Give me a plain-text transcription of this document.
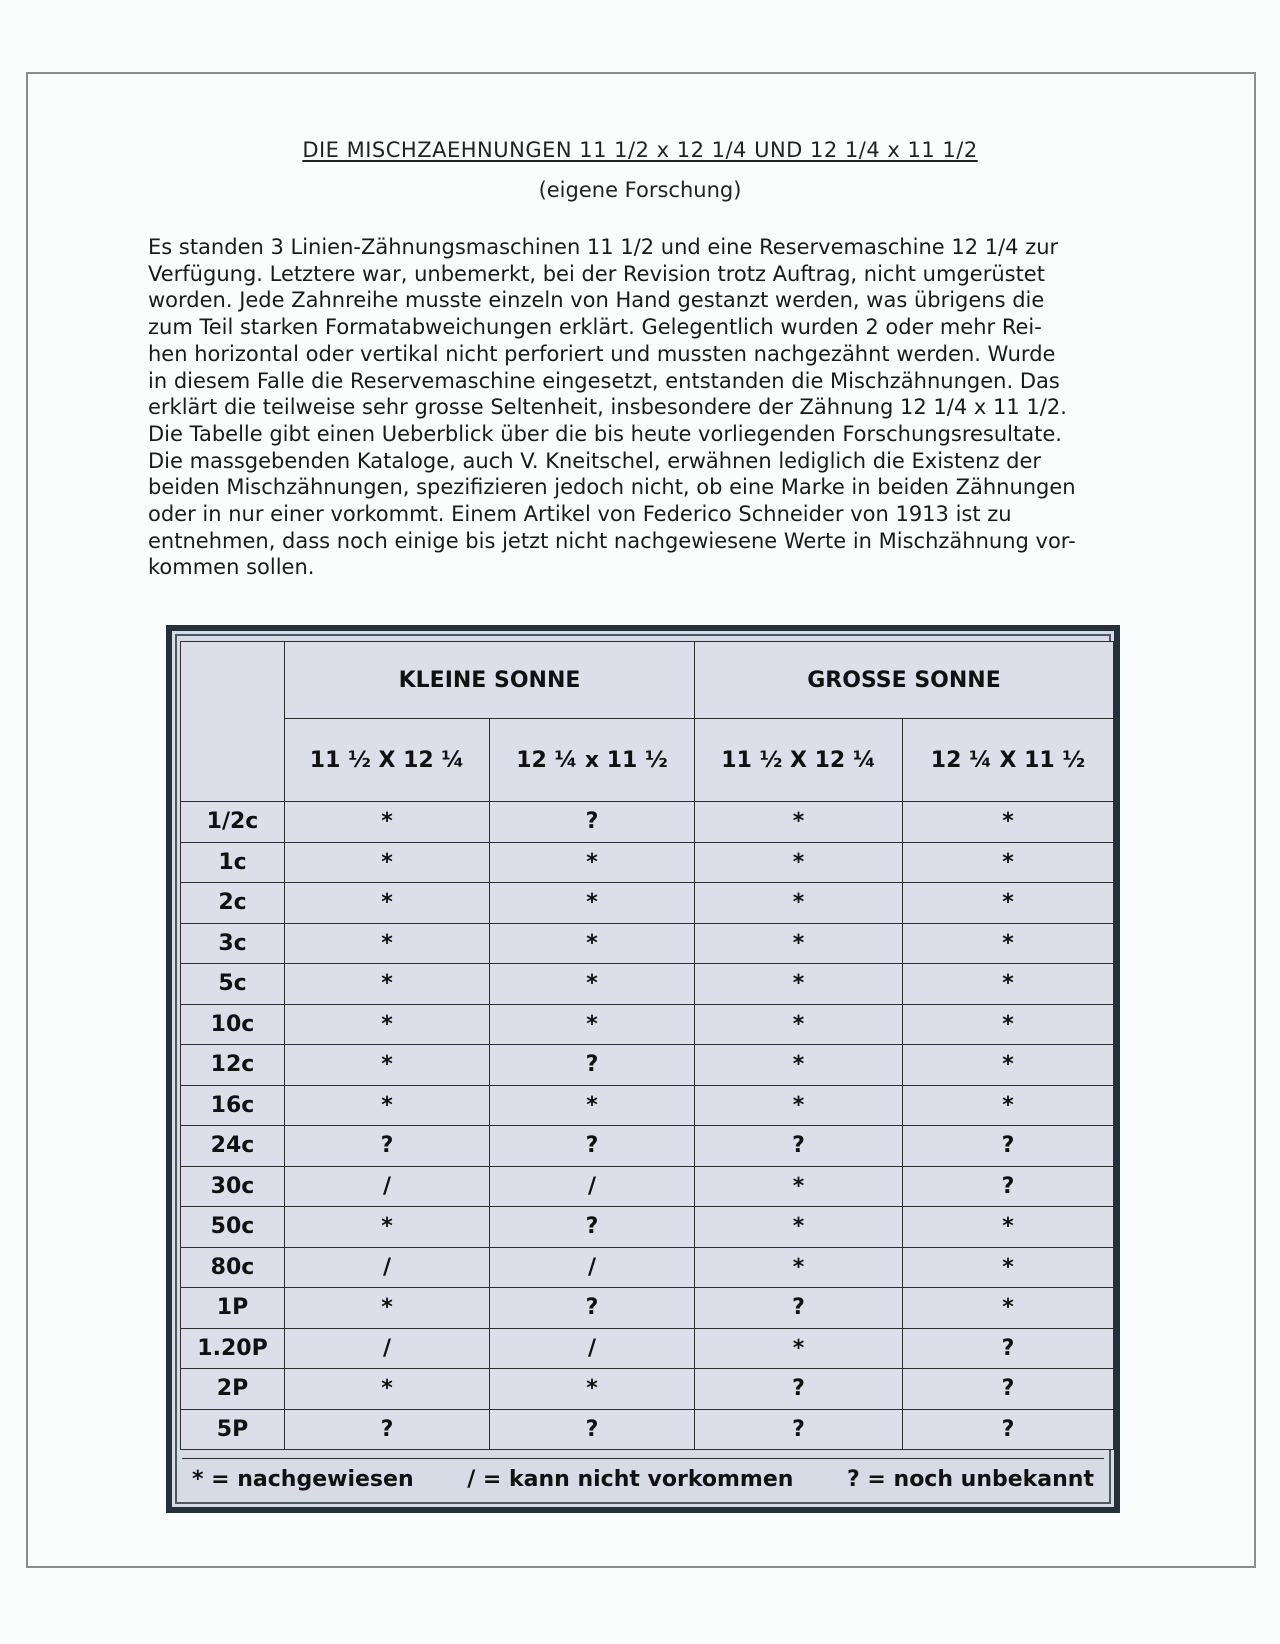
DIE MISCHZAEHNUNGEN 11 1/2 x 12 1/4 UND 12 1/4 x 11 1/2
(eigene Forschung)
Es standen 3 Linien-Zähnungsmaschinen 11 1/2 und eine Reservemaschine 12 1/4 zur
Verfügung. Letztere war, unbemerkt, bei der Revision trotz Auftrag, nicht umgerüstet
worden. Jede Zahnreihe musste einzeln von Hand gestanzt werden, was übrigens die
zum Teil starken Formatabweichungen erklärt. Gelegentlich wurden 2 oder mehr Rei-
hen horizontal oder vertikal nicht perforiert und mussten nachgezähnt werden. Wurde
in diesem Falle die Reservemaschine eingesetzt, entstanden die Mischzähnungen. Das
erklärt die teilweise sehr grosse Seltenheit, insbesondere der Zähnung 12 1/4 x 11 1/2.
Die Tabelle gibt einen Ueberblick über die bis heute vorliegenden Forschungsresultate.
Die massgebenden Kataloge, auch V. Kneitschel, erwähnen lediglich die Existenz der
beiden Mischzähnungen, spezifizieren jedoch nicht, ob eine Marke in beiden Zähnungen
oder in nur einer vorkommt. Einem Artikel von Federico Schneider von 1913 ist zu
entnehmen, dass noch einige bis jetzt nicht nachgewiesene Werte in Mischzähnung vor-
kommen sollen.
	KLEINE SONNE		GROSSE SONNE	
	11 ½ X 12 ¼	12 ¼ x 11 ½	11 ½ X 12 ¼	12 ¼ X 11 ½
1/2c	*	?	*	*
1c	*	*	*	*
2c	*	*	*	*
3c	*	*	*	*
5c	*	*	*	*
10c	*	*	*	*
12c	*	?	*	*
16c	*	*	*	*
24c	?	?	?	?
30c	/	/	*	?
50c	*	?	*	*
80c	/	/	*	*
1P	*	?	?	*
1.20P	/	/	*	?
2P	*	*	?	?
5P	?	?	?	?
* = nachgewiesen / = kann nicht vorkommen ? = noch unbekannt
